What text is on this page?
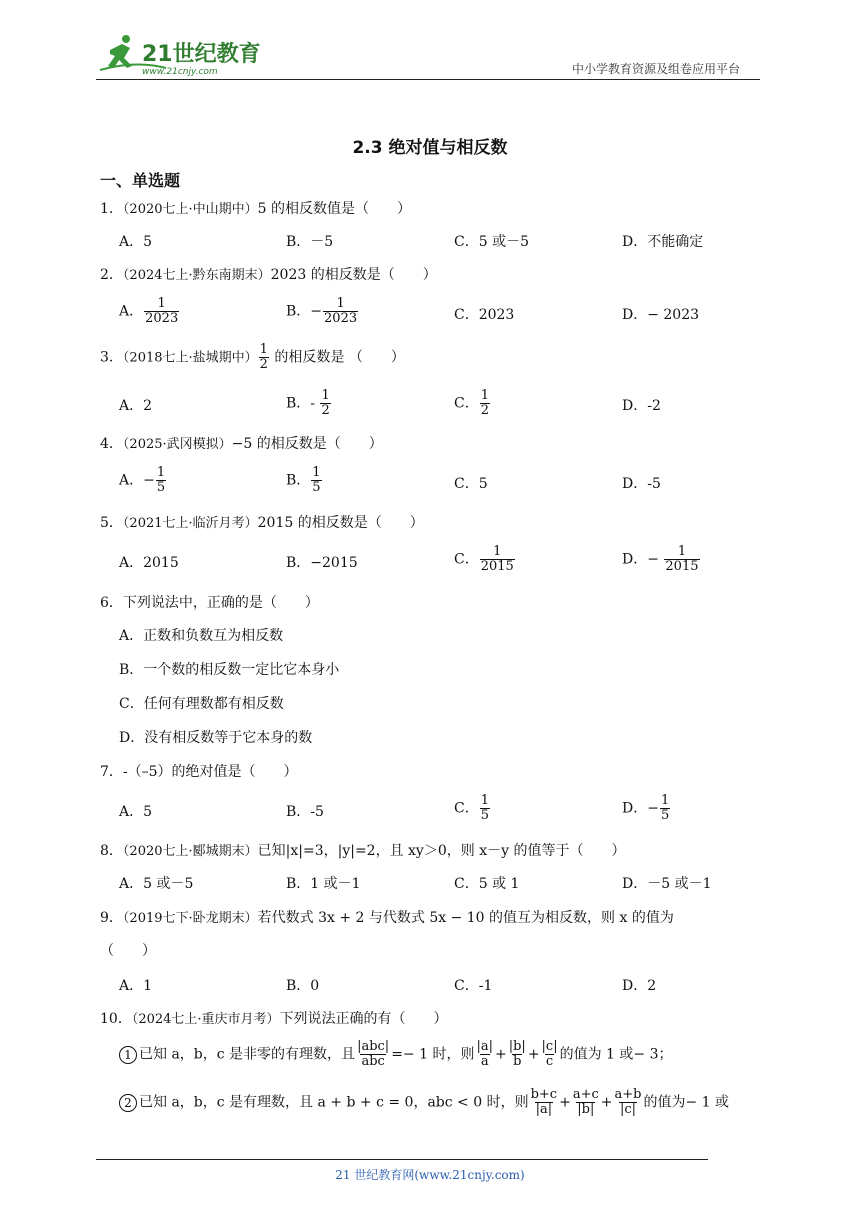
21世纪教育
www.21cnjy.com	中小学教育资源及组卷应用平台
2.3 绝对值与相反数
一、单选题
1．（2020七上·中山期中）5 的相反数值是（　　）
A．5	B．－5	C．5 或－5	D．不能确定
2．（2024七上·黔东南期末）2023 的相反数是（　　）
A． $\frac{1}{2023}$	B．− $\frac{1}{2023}$	C．2023	D．− 2023
3．（2018七上·盐城期中） $\frac{1}{2}$ 的相反数是 （　　）
A．2	B．- $\frac{1}{2}$	C． $\frac{1}{2}$	D．-2
4．（2025·武冈模拟）−5 的相反数是（　　）
A．− $\frac{1}{5}$	B． $\frac{1}{5}$	C．5	D．-5
5．（2021七上·临沂月考）2015 的相反数是（　　）
A．2015	B．−2015	C． $\frac{1}{2015}$	D．− $\frac{1}{2015}$
6．下列说法中，正确的是（　　）
A．正数和负数互为相反数
B．一个数的相反数一定比它本身小
C．任何有理数都有相反数
D．没有相反数等于它本身的数
7．-（–5）的绝对值是（　　）
A．5	B．-5	C． $\frac{1}{5}$	D．− $\frac{1}{5}$
8．（2020七上·郾城期末）已知|x|=3，|y|=2，且 xy＞0，则 x－y 的值等于（　　）
A．5 或－5	B．1 或－1	C．5 或 1	D．－5 或－1
9．（2019七下·卧龙期末）若代数式 3x + 2 与代数式 5x − 10 的值互为相反数，则 x 的值为
（　　）
A．1	B．0	C．-1	D．2
10．（2024七上·重庆市月考）下列说法正确的有（　　）
1 已知 a，b，c 是非零的有理数，且 $\frac{\text{|abc|}}{\text{abc}} =- 1$ 时，则 $\frac{|a|}{a} + \frac{|b|}{b} + \frac{|c|}{c}$ 的值为 1 或− 3；
2 已知 a，b，c 是有理数，且 a + b + c = 0，abc < 0 时，则 $\frac{b+c}{|a|} + \frac{a+c}{|b|} + \frac{a+b}{|c|}$ 的值为− 1 或
21 世纪教育网(www.21cnjy.com)
